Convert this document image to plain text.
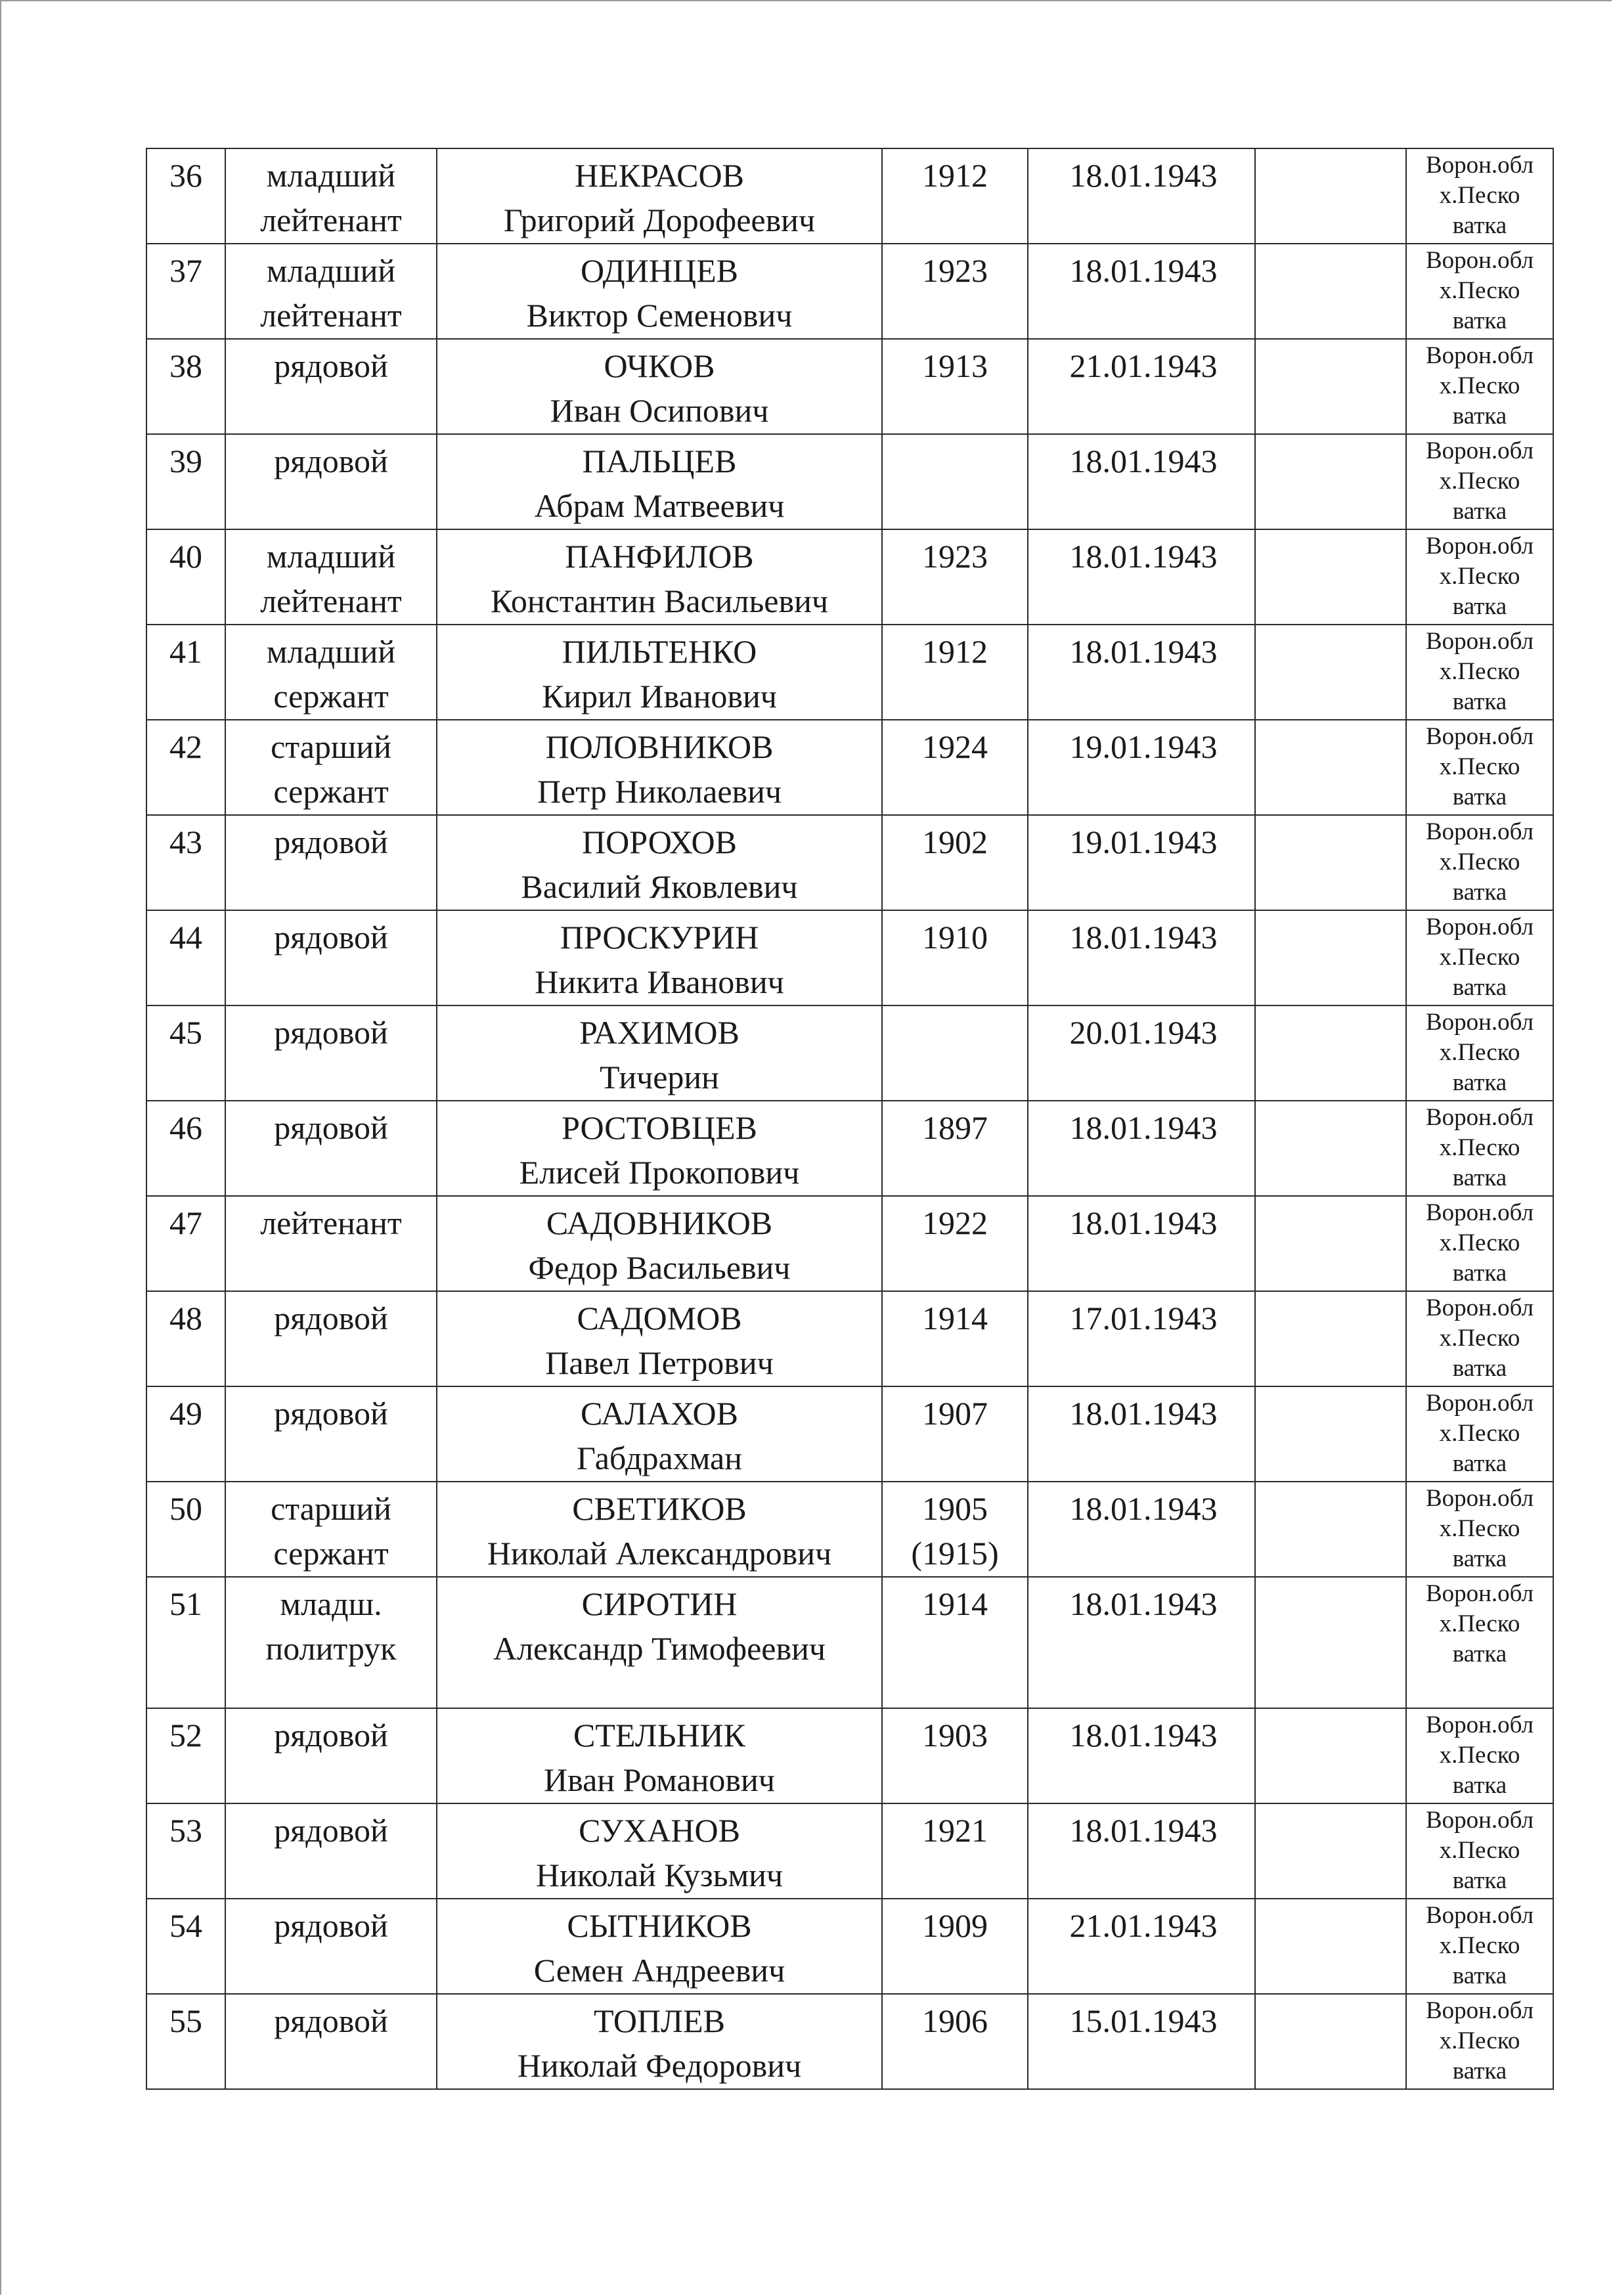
36	младший
лейтенант	НЕКРАСОВ
Григорий Дорофеевич	1912	18.01.1943		Ворон.обл
х.Песко
ватка

37	младший
лейтенант	ОДИНЦЕВ
Виктор Семенович	1923	18.01.1943		Ворон.обл
х.Песко
ватка

38	рядовой	ОЧКОВ
Иван Осипович	1913	21.01.1943		Ворон.обл
х.Песко
ватка

39	рядовой	ПАЛЬЦЕВ
Абрам Матвеевич		18.01.1943		Ворон.обл
х.Песко
ватка

40	младший
лейтенант	ПАНФИЛОВ
Константин Васильевич	1923	18.01.1943		Ворон.обл
х.Песко
ватка

41	младший
сержант	ПИЛЬТЕНКО
Кирил Иванович	1912	18.01.1943		Ворон.обл
х.Песко
ватка

42	старший
сержант	ПОЛОВНИКОВ
Петр Николаевич	1924	19.01.1943		Ворон.обл
х.Песко
ватка

43	рядовой	ПОРОХОВ
Василий Яковлевич	1902	19.01.1943		Ворон.обл
х.Песко
ватка

44	рядовой	ПРОСКУРИН
Никита Иванович	1910	18.01.1943		Ворон.обл
х.Песко
ватка

45	рядовой	РАХИМОВ
Тичерин		20.01.1943		Ворон.обл
х.Песко
ватка

46	рядовой	РОСТОВЦЕВ
Елисей Прокопович	1897	18.01.1943		Ворон.обл
х.Песко
ватка

47	лейтенант	САДОВНИКОВ
Федор Васильевич	1922	18.01.1943		Ворон.обл
х.Песко
ватка

48	рядовой	САДОМОВ
Павел Петрович	1914	17.01.1943		Ворон.обл
х.Песко
ватка

49	рядовой	САЛАХОВ
Габдрахман	1907	18.01.1943		Ворон.обл
х.Песко
ватка

50	старший
сержант	СВЕТИКОВ
Николай Александрович	1905
(1915)	18.01.1943		Ворон.обл
х.Песко
ватка

51	младш.
политрук	СИРОТИН
Александр Тимофеевич	1914	18.01.1943		Ворон.обл
х.Песко
ватка

52	рядовой	СТЕЛЬНИК
Иван Романович	1903	18.01.1943		Ворон.обл
х.Песко
ватка

53	рядовой	СУХАНОВ
Николай Кузьмич	1921	18.01.1943		Ворон.обл
х.Песко
ватка

54	рядовой	СЫТНИКОВ
Семен Андреевич	1909	21.01.1943		Ворон.обл
х.Песко
ватка

55	рядовой	ТОПЛЕВ
Николай Федорович	1906	15.01.1943		Ворон.обл
х.Песко
ватка
